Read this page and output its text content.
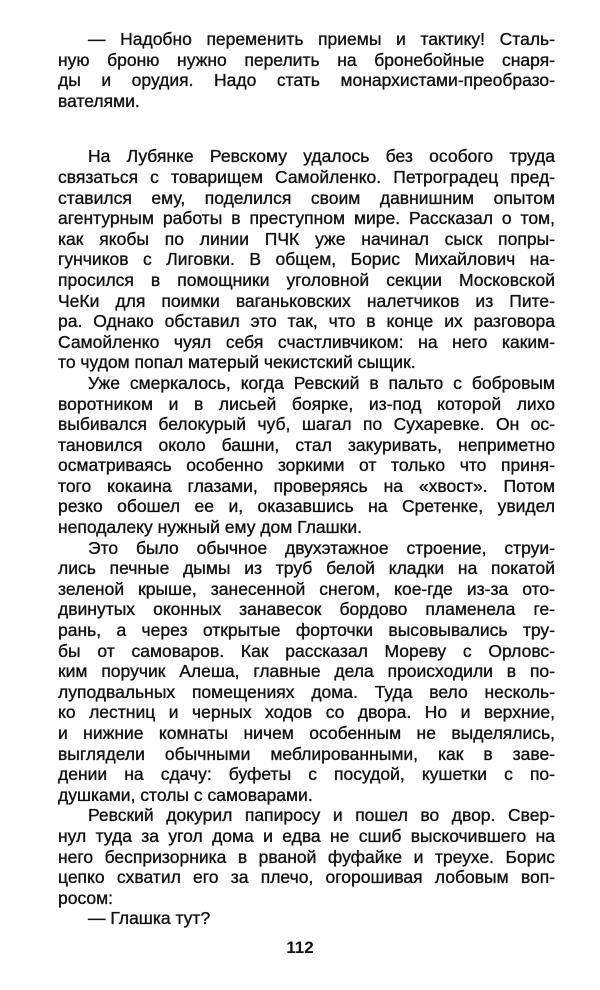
— Надобно переменить приемы и тактику! Сталь-
ную броню нужно перелить на бронебойные снаря-
ды и орудия. Надо стать монархистами-преобразо-
вателями.
На Лубянке Ревскому удалось без особого труда
связаться с товарищем Самойленко. Петроградец пред-
ставился ему, поделился своим давнишним опытом
агентурным работы в преступном мире. Рассказал о том,
как якобы по линии ПЧК уже начинал сыск попры-
гунчиков с Лиговки. В общем, Борис Михайлович на-
просился в помощники уголовной секции Московской
ЧеКи для поимки ваганьковских налетчиков из Пите-
ра. Однако обставил это так, что в конце их разговора
Самойленко чуял себя счастливчиком: на него каким-
то чудом попал матерый чекистский сыщик.
Уже смеркалось, когда Ревский в пальто с бобровым
воротником и в лисьей боярке, из-под которой лихо
выбивался белокурый чуб, шагал по Сухаревке. Он ос-
тановился около башни, стал закуривать, неприметно
осматриваясь особенно зоркими от только что приня-
того кокаина глазами, проверяясь на «хвост». Потом
резко обошел ее и, оказавшись на Сретенке, увидел
неподалеку нужный ему дом Глашки.
Это было обычное двухэтажное строение, струи-
лись печные дымы из труб белой кладки на покатой
зеленой крыше, занесенной снегом, кое-где из-за ото-
двинутых оконных занавесок бордово пламенела ге-
рань, а через открытые форточки высовывались тру-
бы от самоваров. Как рассказал Мореву с Орловс-
ким поручик Алеша, главные дела происходили в по-
луподвальных помещениях дома. Туда вело несколь-
ко лестниц и черных ходов со двора. Но и верхние,
и нижние комнаты ничем особенным не выделялись,
выглядели обычными меблированными, как в заве-
дении на сдачу: буфеты с посудой, кушетки с по-
душками, столы с самоварами.
Ревский докурил папиросу и пошел во двор. Свер-
нул туда за угол дома и едва не сшиб выскочившего на
него беспризорника в рваной фуфайке и треухе. Борис
цепко схватил его за плечо, огорошивая лобовым воп-
росом:
— Глашка тут?
112
